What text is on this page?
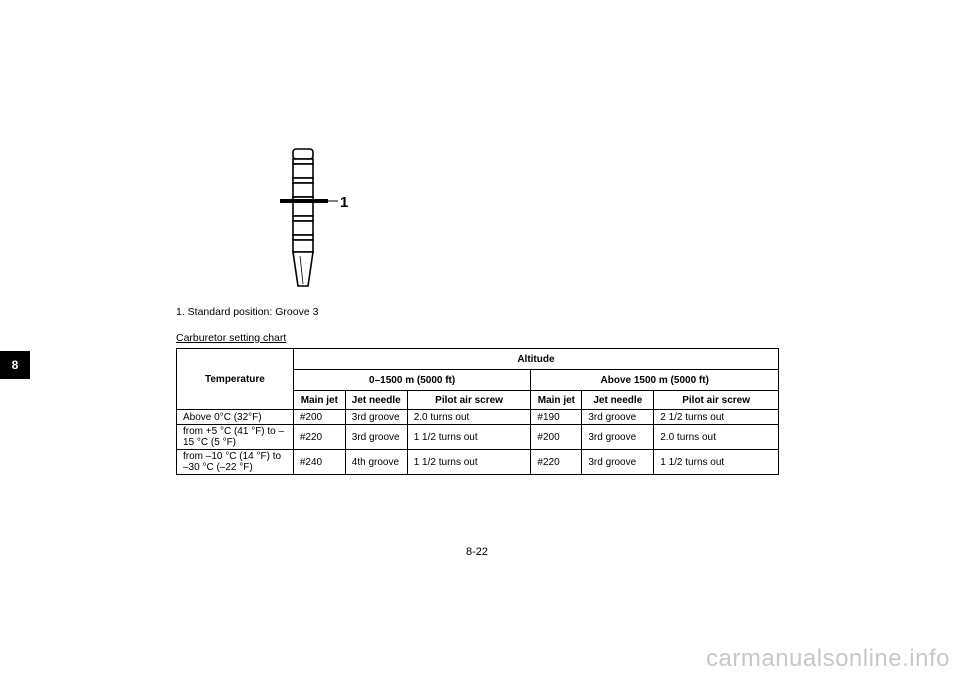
8
1
1. Standard position: Groove 3
Carburetor setting chart
Temperature	Altitude					
	0–1500 m (5000 ft)			Above 1500 m (5000 ft)		
	Main jet	Jet needle	Pilot air screw	Main jet	Jet needle	Pilot air screw
Above 0°C (32°F)	#200	3rd groove	2.0 turns out	#190	3rd groove	2 1/2 turns out
from +5 °C (41 °F) to –15 °C (5 °F)	#220	3rd groove	1 1/2 turns out	#200	3rd groove	2.0 turns out
from –10 °C (14 °F) to –30 °C (–22 °F)	#240	4th groove	1 1/2 turns out	#220	3rd groove	1 1/2 turns out
8-22
carmanualsonline.info
